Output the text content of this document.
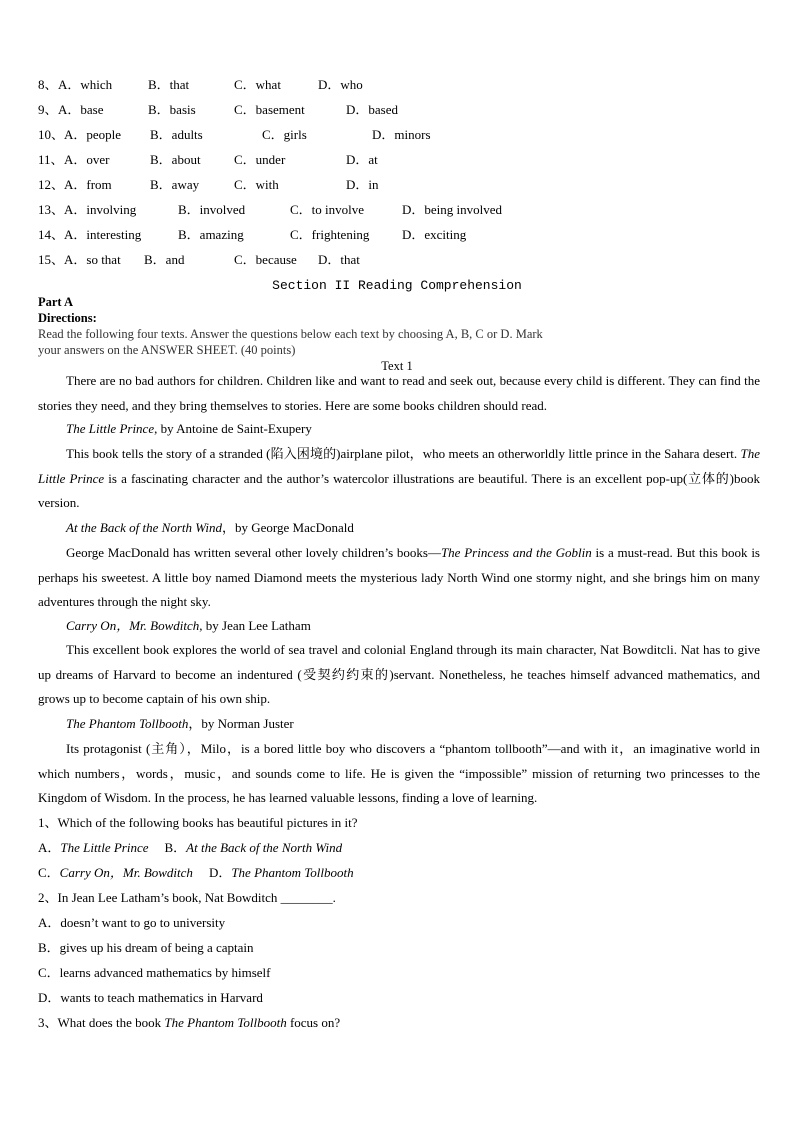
8、 A．which	B．that	C．what	D．who
9、 A．base	B．basis	C．basement	D．based
10、 A．people B．adults	C．girls	D．minors
11、 A．over	B．about	C．under	D．at
12、 A．from	B．away	C．with	D．in
13、 A．involving	B．involved	C．to involve	D．being involved
14、 A．interesting	B．amazing	C．frightening	D．exciting
15、 A．so that B．and	C．because D．that
Section II Reading Comprehension
Part A
Directions:
Read the following four texts. Answer the questions below each text by choosing A, B, C or D. Mark
your answers on the ANSWER SHEET. (40 points)
Text 1

There are no bad authors for children. Children like and want to read and seek out, because every child is different. They can find the stories they need, and they bring themselves to stories. Here are some books children should read.

The Little Prince, by Antoine de Saint-Exupery

This book tells the story of a stranded (陷入困境的)airplane pilot，who meets an otherworldly little prince in the Sahara desert. The Little Prince is a fascinating character and the author’s watercolor illustrations are beautiful. There is an excellent pop-up(立体的)book version.

At the Back of the North Wind，by George MacDonald

George MacDonald has written several other lovely children’s books—The Princess and the Goblin is a must-read. But this book is perhaps his sweetest. A little boy named Diamond meets the mysterious lady North Wind one stormy night, and she brings him on many adventures through the night sky.

Carry On，Mr. Bowditch, by Jean Lee Latham

This excellent book explores the world of sea travel and colonial England through its main character, Nat Bowditcli. Nat has to give up dreams of Harvard to become an indentured (受契约约束的)servant. Nonetheless, he teaches himself advanced mathematics, and grows up to become captain of his own ship.

The Phantom Tollbooth，by Norman Juster

Its protagonist (主角），Milo，is a bored little boy who discovers a “phantom tollbooth”—and with it，an imaginative world in which numbers，words，music，and sounds come to life. He is given the “impossible” mission of returning two princesses to the Kingdom of Wisdom. In the process, he has learned valuable lessons, finding a love of learning.

1、Which of the following books has beautiful pictures in it?
A．The Little Prince B．At the Back of the North Wind
C．Carry On，Mr. Bowditch D．The Phantom Tollbooth
2、In Jean Lee Latham’s book, Nat Bowditch ________.
A．doesn’t want to go to university
B．gives up his dream of being a captain
C．learns advanced mathematics by himself
D．wants to teach mathematics in Harvard
3、What does the book The Phantom Tollbooth focus on?
